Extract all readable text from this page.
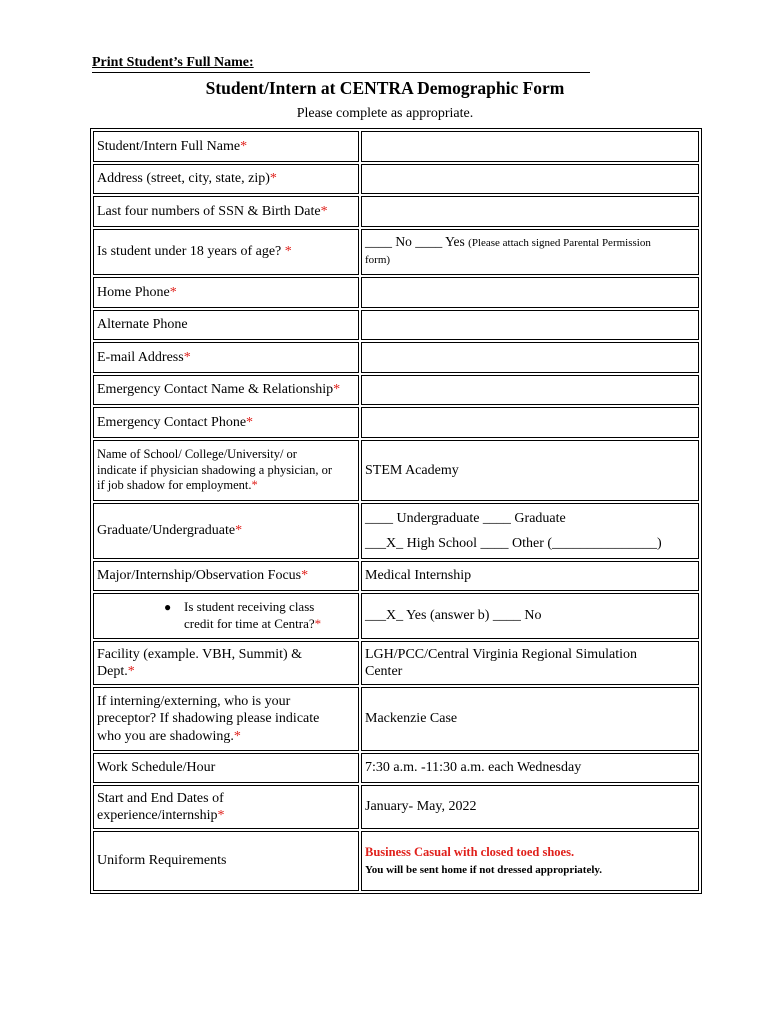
Print Student’s Full Name:
Student/Intern at CENTRA Demographic Form
Please complete as appropriate.
Student/Intern Full Name*	
Address (street, city, state, zip)*	
Last four numbers of SSN & Birth Date*	
Is student under 18 years of age? *	____ No ____ Yes (Please attach signed Parental Permission
form)
Home Phone*	
Alternate Phone	
E-mail Address*	
Emergency Contact Name & Relationship*	
Emergency Contact Phone*	
Name of School/ College/University/ or
indicate if physician shadowing a physician, or
if job shadow for employment.*	STEM Academy
Graduate/Undergraduate*	____ Undergraduate ____ Graduate
___X_ High School ____ Other (_______________)

Major/Internship/Observation Focus*	Medical Internship

● Is student receiving class
credit for time at Centra?*	___X_ Yes (answer b) ____ No
Facility (example. VBH, Summit) &
Dept.*	LGH/PCC/Central Virginia Regional Simulation
Center
If interning/externing, who is your
preceptor? If shadowing please indicate
who you are shadowing.*	Mackenzie Case
Work Schedule/Hour	7:30 a.m. -11:30 a.m. each Wednesday
Start and End Dates of
experience/internship*	January- May, 2022
Uniform Requirements	Business Casual with closed toed shoes.
You will be sent home if not dressed appropriately.
